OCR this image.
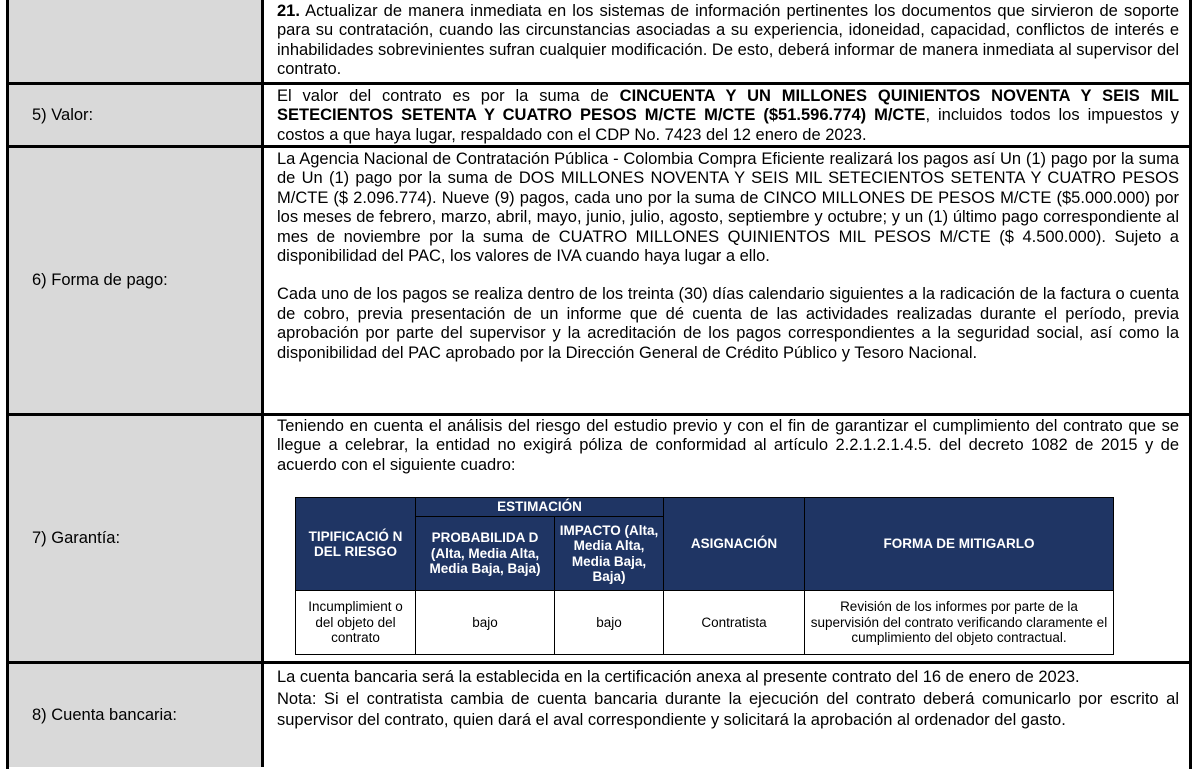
21. Actualizar de manera inmediata en los sistemas de información pertinentes los documentos que sirvieron de soporte para su contratación, cuando las circunstancias asociadas a su experiencia, idoneidad, capacidad, conflictos de interés e inhabilidades sobrevinientes sufran cualquier modificación. De esto, deberá informar de manera inmediata al supervisor del contrato.

5) Valor:

El valor del contrato es por la suma de CINCUENTA Y UN MILLONES QUINIENTOS NOVENTA Y SEIS MIL SETECIENTOS SETENTA Y CUATRO PESOS M/CTE M/CTE ($51.596.774) M/CTE, incluidos todos los impuestos y costos a que haya lugar, respaldado con el CDP No. 7423 del 12 enero de 2023.

6) Forma de pago:

La Agencia Nacional de Contratación Pública - Colombia Compra Eficiente realizará los pagos así Un (1) pago por la suma de Un (1) pago por la suma de DOS MILLONES NOVENTA Y SEIS MIL SETECIENTOS SETENTA Y CUATRO PESOS M/CTE ($ 2.096.774). Nueve (9) pagos, cada uno por la suma de CINCO MILLONES DE PESOS M/CTE ($5.000.000) por los meses de febrero, marzo, abril, mayo, junio, julio, agosto, septiembre y octubre; y un (1) último pago correspondiente al mes de noviembre por la suma de CUATRO MILLONES QUINIENTOS MIL PESOS M/CTE ($ 4.500.000). Sujeto a disponibilidad del PAC, los valores de IVA cuando haya lugar a ello.

Cada uno de los pagos se realiza dentro de los treinta (30) días calendario siguientes a la radicación de la factura o cuenta de cobro, previa presentación de un informe que dé cuenta de las actividades realizadas durante el período, previa aprobación por parte del supervisor y la acreditación de los pagos correspondientes a la seguridad social, así como la disponibilidad del PAC aprobado por la Dirección General de Crédito Público y Tesoro Nacional.

7) Garantía:

Teniendo en cuenta el análisis del riesgo del estudio previo y con el fin de garantizar el cumplimiento del contrato que se llegue a celebrar, la entidad no exigirá póliza de conformidad al artículo 2.2.1.2.1.4.5. del decreto 1082 de 2015 y de acuerdo con el siguiente cuadro:

8) Cuenta bancaria:

La cuenta bancaria será la establecida en la certificación anexa al presente contrato del 16 de enero de 2023.

Nota: Si el contratista cambia de cuenta bancaria durante la ejecución del contrato deberá comunicarlo por escrito al supervisor del contrato, quien dará el aval correspondiente y solicitará la aprobación al ordenador del gasto.

TIPIFICACIÓ N DEL RIESGO	ESTIMACIÓN		ASIGNACIÓN	FORMA DE MITIGARLO
	PROBABILIDA D (Alta, Media Alta, Media Baja, Baja)	IMPACTO (Alta, Media Alta, Media Baja, Baja)		
Incumplimient o del objeto del contrato	bajo	bajo	Contratista	Revisión de los informes por parte de la supervisión del contrato verificando claramente el cumplimiento del objeto contractual.
